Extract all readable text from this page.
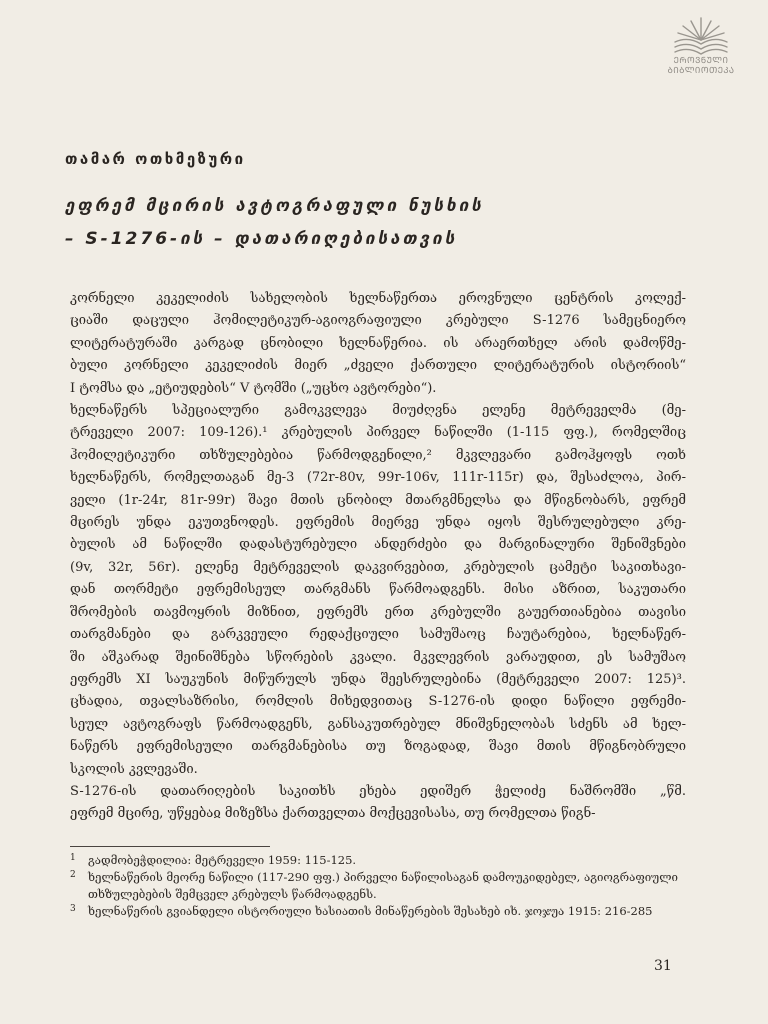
ᲔᲠᲝᲕᲜᲣᲚᲘ
ᲑᲘᲑᲚᲘᲝᲗᲔᲙᲐ
თამარ ოთხმეზური
ეფრემ მცირის ავტოგრაფული ნუსხის
– S-1276-ის – დათარიღებისათვის
კორნელი კეკელიძის სახელობის ხელნაწერთა ეროვნული ცენტრის კოლექ-
ციაში დაცული ჰომილეტიკურ-აგიოგრაფიული კრებული S-1276 სამეცნიერო
ლიტერატურაში კარგად ცნობილი ხელნაწერია. ის არაერთხელ არის დამოწმე-
ბული კორნელი კეკელიძის მიერ „ძველი ქართული ლიტერატურის ისტორიის“
I ტომსა და „ეტიუდების“ V ტომში („უცხო ავტორები“).
ხელნაწერს სპეციალური გამოკვლევა მიუძღვნა ელენე მეტრეველმა (მე-
ტრეველი 2007: 109-126).¹ კრებულის პირველ ნაწილში (1-115 ფფ.), რომელშიც
ჰომილეტიკური თხზულებებია წარმოდგენილი,² მკვლევარი გამოჰყოფს ოთხ
ხელნაწერს, რომელთაგან მე-3 (72r-80v, 99r-106v, 111r-115r) და, შესაძლოა, პირ-
ველი (1r-24r, 81r-99r) შავი მთის ცნობილ მთარგმნელსა და მწიგნობარს, ეფრემ
მცირეს უნდა ეკუთვნოდეს. ეფრემის მიერვე უნდა იყოს შესრულებული კრე-
ბულის ამ ნაწილში დადასტურებული ანდერძები და მარგინალური შენიშვნები
(9v, 32r, 56r). ელენე მეტრეველის დაკვირვებით, კრებულის ცამეტი საკითხავი-
დან თორმეტი ეფრემისეულ თარგმანს წარმოადგენს. მისი აზრით, საკუთარი
შრომების თავმოყრის მიზნით, ეფრემს ერთ კრებულში გაუერთიანებია თავისი
თარგმანები და გარკვეული რედაქციული სამუშაოც ჩაუტარებია, ხელნაწერ-
ში აშკარად შეინიშნება სწორების კვალი. მკვლევრის ვარაუდით, ეს სამუშაო
ეფრემს XI საუკუნის მიწურულს უნდა შეესრულებინა (მეტრეველი 2007: 125)³.
ცხადია, თვალსაზრისი, რომლის მიხედვითაც S-1276-ის დიდი ნაწილი ეფრემი-
სეულ ავტოგრაფს წარმოადგენს, განსაკუთრებულ მნიშვნელობას სძენს ამ ხელ-
ნაწერს ეფრემისეული თარგმანებისა თუ ზოგადად, შავი მთის მწიგნობრული
სკოლის კვლევაში.
S-1276-ის დათარიღების საკითხს ეხება ედიშერ ჭელიძე ნაშრომში „წმ.
ეფრემ მცირე, უწყებაჲ მიზეზსა ქართველთა მოქცევისასა, თუ რომელთა წიგნ-
1	გადმობეჭდილია: მეტრეველი 1959: 115-125.
2	ხელნაწერის მეორე ნაწილი (117-290 ფფ.) პირველი ნაწილისაგან დამოუკიდებელ, აგიოგრაფიული თხზულებების შემცველ კრებულს წარმოადგენს.
3	ხელნაწერის გვიანდელი ისტორიული ხასიათის მინაწერების შესახებ იხ. ჯოჯუა 1915: 216-285
31
